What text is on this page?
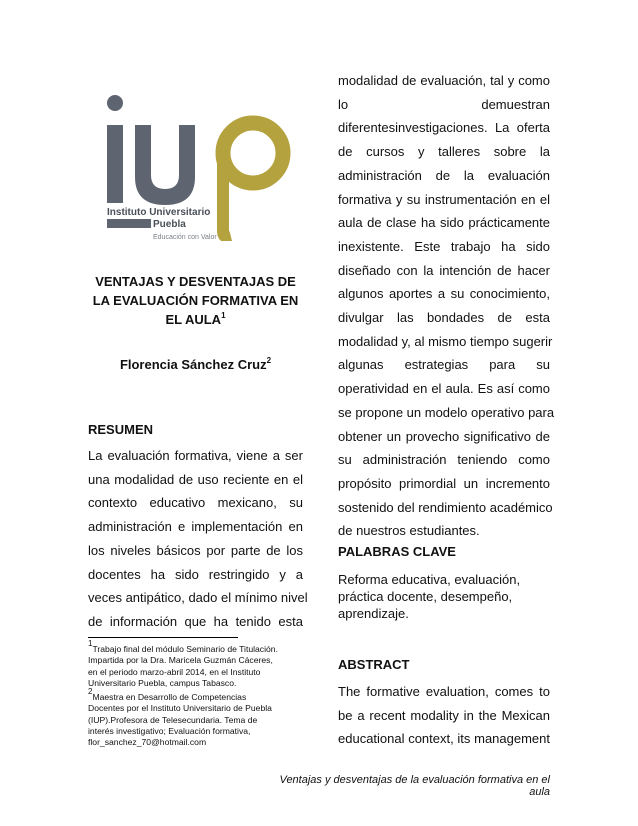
Instituto Universitario
Puebla
Educación con Valor
VENTAJAS Y DESVENTAJAS DE LA EVALUACIÓN FORMATIVA EN EL AULA$^1$
Florencia Sánchez Cruz$^2$
RESUMEN
La evaluación formativa, viene a ser
una modalidad de uso reciente en el
contexto educativo mexicano, su
administración e implementación en
los niveles básicos por parte de los
docentes ha sido restringido y a
veces antipático, dado el mínimo nivel
de información que ha tenido esta
$^1$Trabajo final del módulo Seminario de Titulación.
Impartida por la Dra. Maricela Guzmán Cáceres,
en el periodo marzo-abril 2014, en el Instituto
Universitario Puebla, campus Tabasco.
$^2$Maestra en Desarrollo de Competencias
Docentes por el Instituto Universitario de Puebla
(IUP).Profesora de Telesecundaria. Tema de
interés investigativo; Evaluación formativa,
flor_sanchez_70@hotmail.com
modalidad de evaluación, tal y como
lo demuestran
diferentesinvestigaciones. La oferta
de cursos y talleres sobre la
administración de la evaluación
formativa y su instrumentación en el
aula de clase ha sido prácticamente
inexistente. Este trabajo ha sido
diseñado con la intención de hacer
algunos aportes a su conocimiento,
divulgar las bondades de esta
modalidad y, al mismo tiempo sugerir
algunas estrategias para su
operatividad en el aula. Es así como
se propone un modelo operativo para
obtener un provecho significativo de
su administración teniendo como
propósito primordial un incremento
sostenido del rendimiento académico
de nuestros estudiantes.
PALABRAS CLAVE
Reforma educativa, evaluación,
práctica docente, desempeño,
aprendizaje.
ABSTRACT
The formative evaluation, comes to
be a recent modality in the Mexican
educational context, its management
Ventajas y desventajas de la evaluación formativa en el aula
